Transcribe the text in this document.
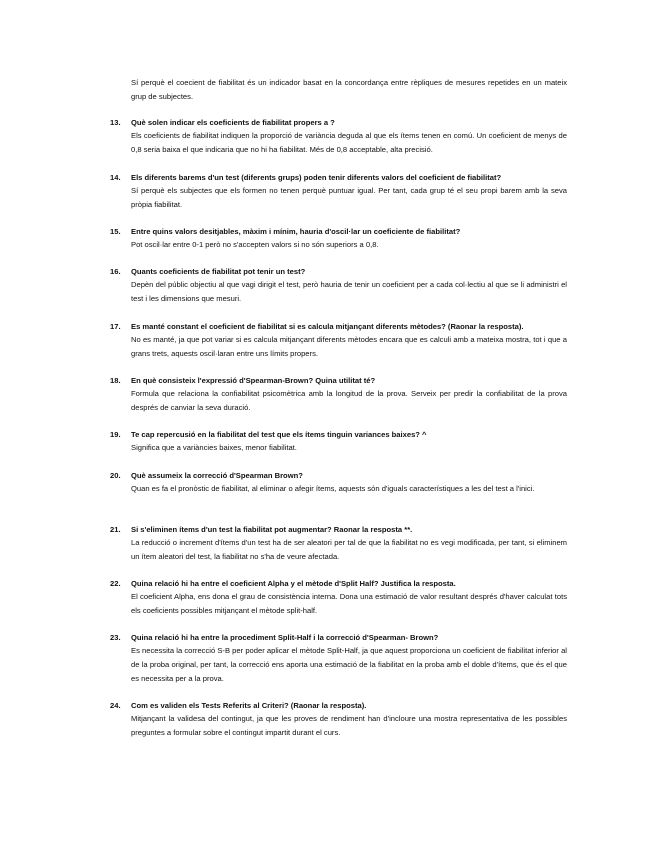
Sí perquè el coecient de fiabilitat és un indicador basat en la concordança entre rèpliques de mesures repetides en un mateix grup de subjectes.
13.	Què solen indicar els coeficients de fiabilitat propers a ?
Els coeficients de fiabilitat indiquen la proporció de variància deguda al que els ítems tenen en comú. Un coeficient de menys de 0,8 seria baixa el que indicaria que no hi ha fiabilitat. Més de 0,8 acceptable, alta precisió.
14.	Els diferents barems d'un test (diferents grups) poden tenir diferents valors del coeficient de fiabilitat?
Sí perquè els subjectes que els formen no tenen perquè puntuar igual. Per tant, cada grup té el seu propi barem amb la seva pròpia fiabilitat.
15.	Entre quins valors desitjables, màxim i mínim, hauria d'oscil·lar un coeficiente de fiabilitat?
Pot oscil·lar entre 0-1 però no s'accepten valors si no són superiors a 0,8.
16.	Quants coeficients de fiabilitat pot tenir un test?
Depèn del públic objectiu al que vagi dirigit el test, però hauria de tenir un coeficient per a cada col·lectiu al que se li administri el test i les dimensions que mesuri.
17.	Es manté constant el coeficient de fiabilitat si es calcula mitjançant diferents mètodes? (Raonar la resposta).
No es manté, ja que pot variar si es calcula mitjançant diferents mètodes encara que es calculi amb a mateixa mostra, tot i que a grans trets, aquests oscil·laran entre uns límits propers.
18.	En què consisteix l'expressió d'Spearman-Brown? Quina utilitat té?
Formula que relaciona la confiabilitat psicomètrica amb la longitud de la prova. Serveix per predir la confiabilitat de la prova després de canviar la seva duració.
19.	Te cap repercusió en la fiabilitat del test que els ítems tinguin variances baixes? ^
Significa que a variàncies baixes, menor fiabilitat.
20.	Què assumeix la correcció d'Spearman Brown?
Quan es fa el pronòstic de fiabilitat, al eliminar o afegir ítems, aquests són d'iguals característiques a les del test a l'inici.
21.	Si s'eliminen ítems d'un test la fiabilitat pot augmentar? Raonar la resposta **.
La reducció o increment d'ítems d'un test ha de ser aleatori per tal de que la fiabilitat no es vegi modificada, per tant, si eliminem un ítem aleatori del test, la fiabilitat no s'ha de veure afectada.
22.	Quina relació hi ha entre el coeficient Alpha y el mètode d'Split Half? Justifica la resposta.
El coeficient Alpha, ens dona el grau de consistència interna. Dona una estimació de valor resultant després d'haver calculat tots els coeficients possibles mitjançant el mètode split-half.
23.	Quina relació hi ha entre la procediment Split-Half i la correcció d'Spearman- Brown?
Es necessita la correcció S-B per poder aplicar el mètode Split-Half, ja que aquest proporciona un coeficient de fiabilitat inferior al de la proba original, per tant, la correcció ens aporta una estimació de la fiabilitat en la proba amb el doble d'ítems, que és el que es necessita per a la prova.
24.	Com es validen els Tests Referits al Criteri? (Raonar la resposta).
Mitjançant la validesa del contingut, ja que les proves de rendiment han d'incloure una mostra representativa de les possibles preguntes a formular sobre el contingut impartit durant el curs.
